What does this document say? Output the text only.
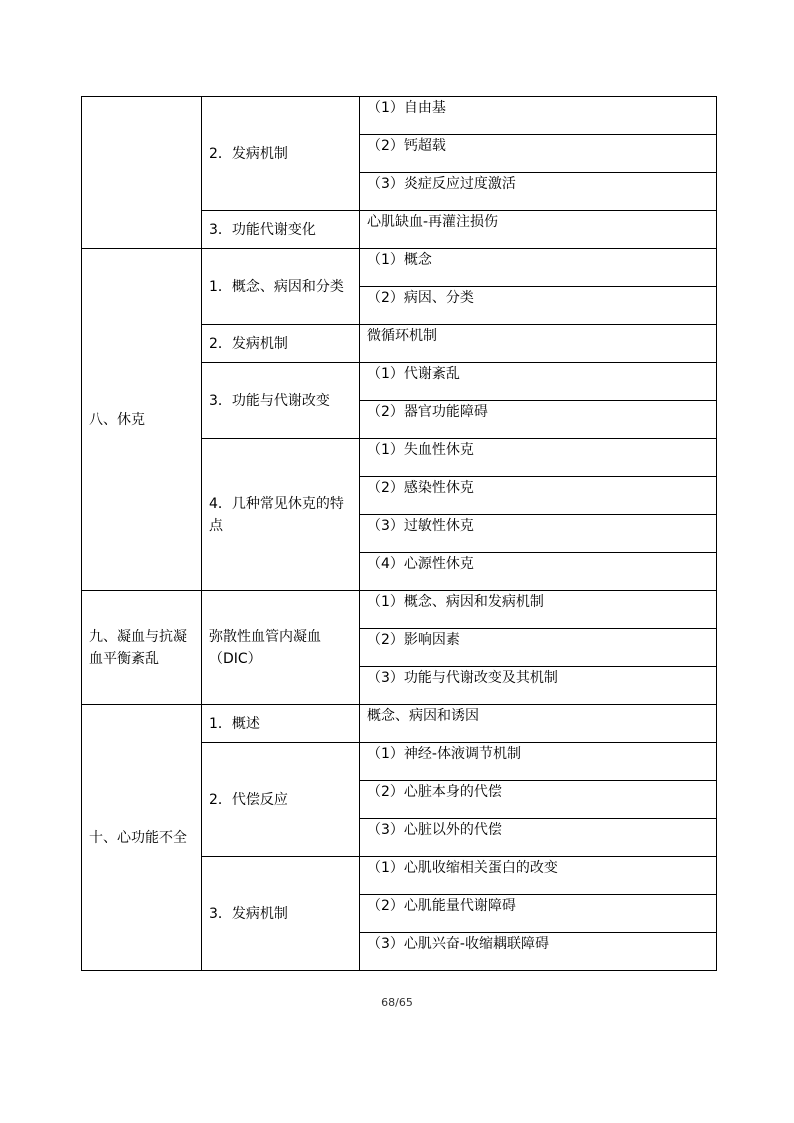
	2．发病机制	（1）自由基
		（2）钙超载
		（3）炎症反应过度激活
	3．功能代谢变化	心肌缺血-再灌注损伤
八、休克	1．概念、病因和分类	（1）概念
		（2）病因、分类
	2．发病机制	微循环机制
	3．功能与代谢改变	（1）代谢紊乱
		（2）器官功能障碍
	4．几种常见休克的特点	（1）失血性休克
		（2）感染性休克
		（3）过敏性休克
		（4）心源性休克
九、凝血与抗凝血平衡紊乱	弥散性血管内凝血（DIC）	（1）概念、病因和发病机制
		（2）影响因素
		（3）功能与代谢改变及其机制
十、心功能不全	1．概述	概念、病因和诱因
	2．代偿反应	（1）神经-体液调节机制
		（2）心脏本身的代偿
		（3）心脏以外的代偿
	3．发病机制	（1）心肌收缩相关蛋白的改变
		（2）心肌能量代谢障碍
		（3）心肌兴奋-收缩耦联障碍
68/65
